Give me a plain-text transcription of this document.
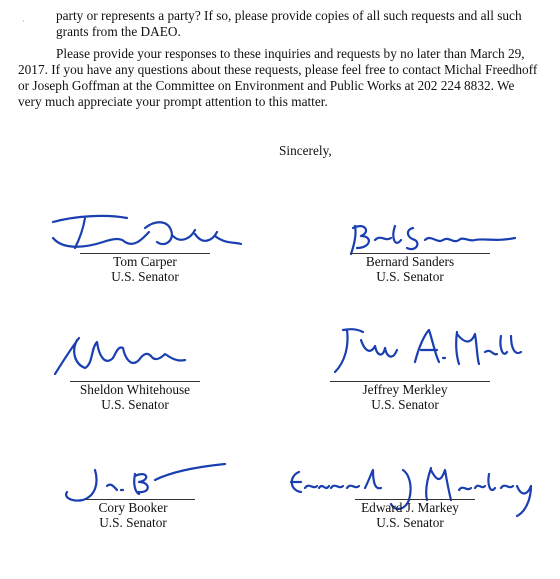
· party or represents a party? If so, please provide copies of all such requests and all such grants from the DAEO.

Please provide your responses to these inquiries and requests by no later than March 29, 2017. If you have any questions about these requests, please feel free to contact Michal Freedhoff or Joseph Goffman at the Committee on Environment and Public Works at 202 224 8832. We very much appreciate your prompt attention to this matter.

Sincerely,
Tom Carper
U.S. Senator
Bernard Sanders
U.S. Senator
Sheldon Whitehouse
U.S. Senator
Jeffrey Merkley
U.S. Senator
Cory Booker
U.S. Senator
Edward J. Markey
U.S. Senator
